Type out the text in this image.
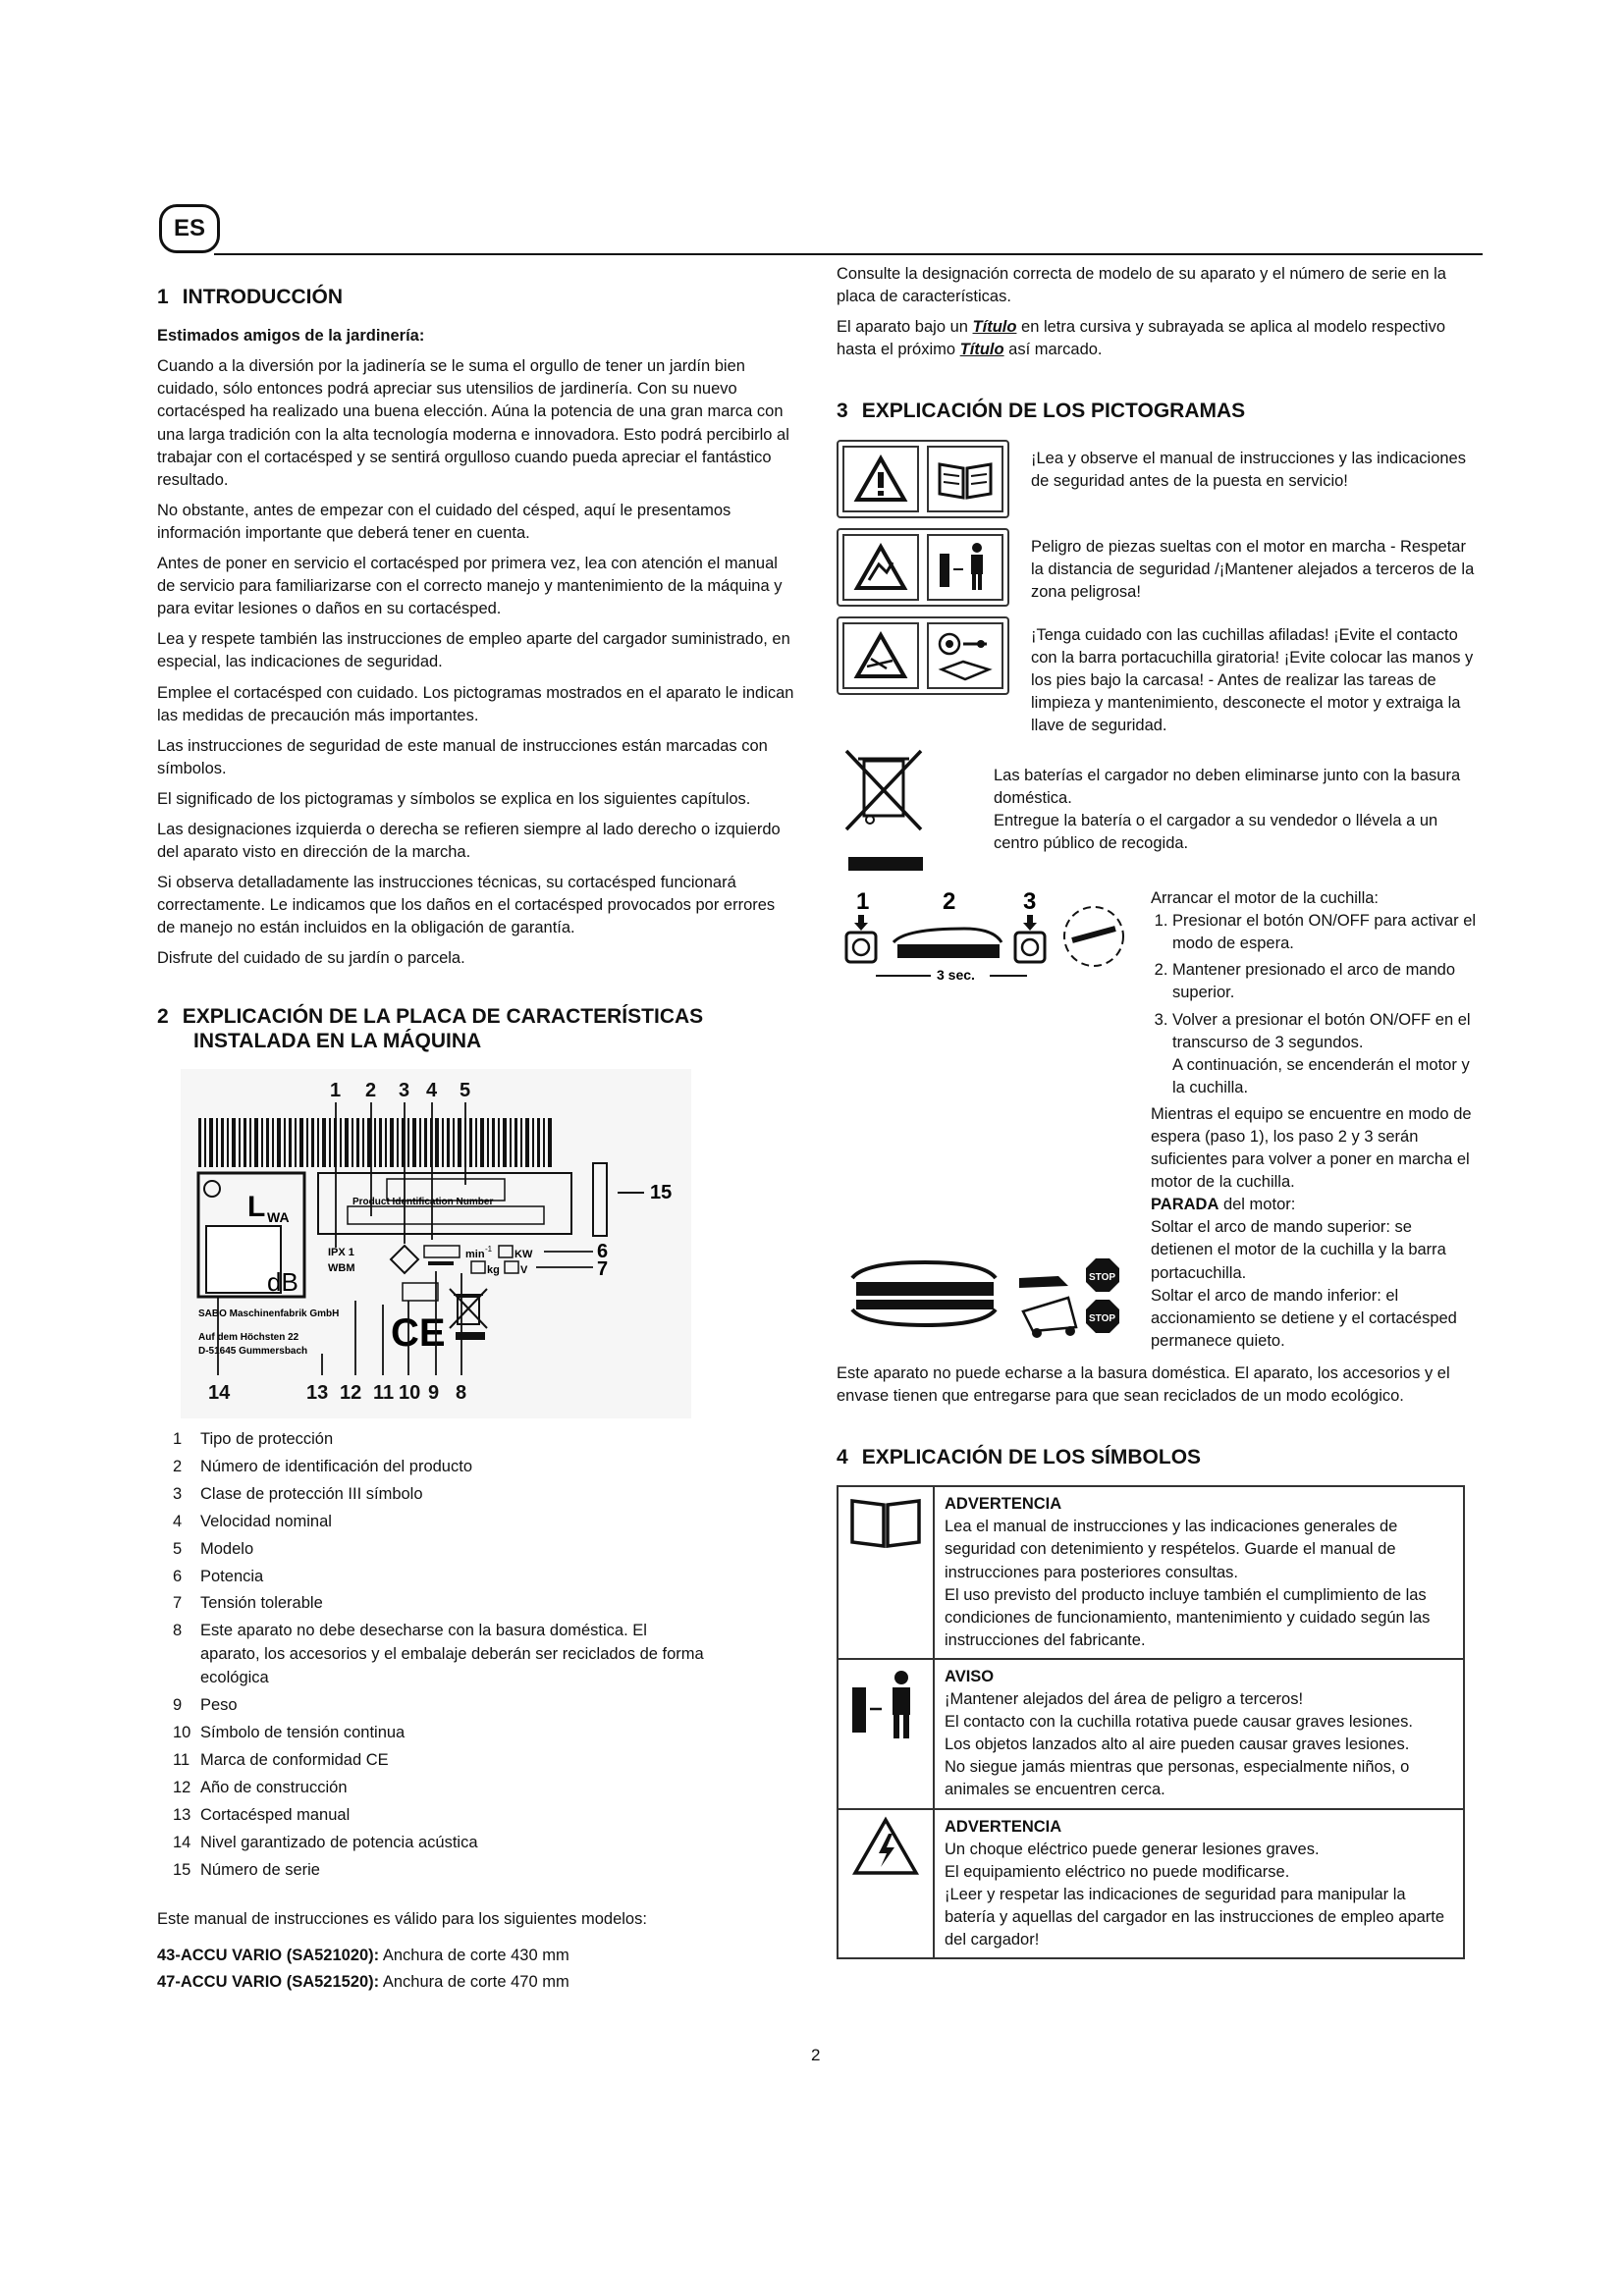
ES
1 INTRODUCCIÓN

Estimados amigos de la jardinería:

Cuando a la diversión por la jadinería se le suma el orgullo de tener un jardín bien cuidado, sólo entonces podrá apreciar sus utensilios de jardinería. Con su nuevo cortacésped ha realizado una buena elección. Aúna la potencia de una gran marca con una larga tradición con la alta tecnología moderna e innovadora. Esto podrá percibirlo al trabajar con el cortacésped y se sentirá orgulloso cuando pueda apreciar el fantástico resultado.

No obstante, antes de empezar con el cuidado del césped, aquí le presentamos información importante que deberá tener en cuenta.

Antes de poner en servicio el cortacésped por primera vez, lea con atención el manual de servicio para familiarizarse con el correcto manejo y mantenimiento de la máquina y para evitar lesiones o daños en su cortacésped.

Lea y respete también las instrucciones de empleo aparte del cargador suministrado, en especial, las indicaciones de seguridad.

Emplee el cortacésped con cuidado. Los pictogramas mostrados en el aparato le indican las medidas de precaución más importantes.

Las instrucciones de seguridad de este manual de instrucciones están marcadas con símbolos.

El significado de los pictogramas y símbolos se explica en los siguientes capítulos.

Las designaciones izquierda o derecha se refieren siempre al lado derecho o izquierdo del aparato visto en dirección de la marcha.

Si observa detalladamente las instrucciones técnicas, su cortacésped funcionará correctamente. Le indicamos que los daños en el cortacésped provocados por errores de manejo no están incluidos en la obligación de garantía.

Disfrute del cuidado de su jardín o parcela.

2 EXPLICACIÓN DE LA PLACA DE CARACTERÍSTICAS
INSTALADA EN LA MÁQUINA
1 2 3 4 5
L WA
dB
Product Identification Number	15
IPX 1
WBM
min -1 KW	6
kg V	7
CE
SABO Maschinenfabrik GmbH
Auf dem Höchsten 22
D-51645 Gummersbach
14	13 12 11 10 9 8
1	Tipo de protección
2	Número de identificación del producto
3	Clase de protección III símbolo
4	Velocidad nominal
5	Modelo
6	Potencia
7	Tensión tolerable
8	Este aparato no debe desecharse con la basura doméstica. El aparato, los accesorios y el embalaje deberán ser reciclados de forma ecológica
9	Peso
10 Símbolo de tensión continua
11 Marca de conformidad CE
12 Año de construcción
13 Cortacésped manual
14 Nivel garantizado de potencia acústica
15 Número de serie

Este manual de instrucciones es válido para los siguientes modelos:

43-ACCU VARIO (SA521020): Anchura de corte 430 mm

47-ACCU VARIO (SA521520): Anchura de corte 470 mm

Consulte la designación correcta de modelo de su aparato y el número de serie en la placa de características.

El aparato bajo un Título en letra cursiva y subrayada se aplica al modelo respectivo hasta el próximo Título así marcado.

3 EXPLICACIÓN DE LOS PICTOGRAMAS
¡Lea y observe el manual de instrucciones y las indicaciones de seguridad antes de la puesta en servicio!
Peligro de piezas sueltas con el motor en marcha - Respetar la distancia de seguridad /¡Mantener alejados a terceros de la zona peligrosa!
¡Tenga cuidado con las cuchillas afiladas! ¡Evite el contacto con la barra portacuchilla giratoria! ¡Evite colocar las manos y los pies bajo la carcasa! - Antes de realizar las tareas de limpieza y mantenimiento, desconecte el motor y extraiga la llave de seguridad.
Las baterías el cargador no deben eliminarse junto con la basura doméstica.
Entregue la batería o el cargador a su vendedor o llévela a un centro público de recogida.
1	2	3
3 sec.
Arrancar el motor de la cuchilla:
1. Presionar el botón ON/OFF para activar el modo de espera.
2. Mantener presionado el arco de mando superior.
3. Volver a presionar el botón ON/OFF en el transcurso de 3 segundos.
A continuación, se encenderán el motor y la cuchilla.
Mientras el equipo se encuentre en modo de espera (paso 1), los paso 2 y 3 serán suficientes para volver a poner en marcha el motor de la cuchilla.
STOP
STOP
PARADA del motor:
Soltar el arco de mando superior: se detienen el motor de la cuchilla y la barra portacuchilla.
Soltar el arco de mando inferior: el accionamiento se detiene y el cortacésped permanece quieto.

Este aparato no puede echarse a la basura doméstica. El aparato, los accesorios y el envase tienen que entregarse para que sean reciclados de un modo ecológico.

4 EXPLICACIÓN DE LOS SÍMBOLOS
ADVERTENCIA
Lea el manual de instrucciones y las indicaciones generales de seguridad con detenimiento y respételos. Guarde el manual de instrucciones para posteriores consultas.
El uso previsto del producto incluye también el cumplimiento de las condiciones de funcionamiento, mantenimiento y cuidado según las instrucciones del fabricante.
AVISO
¡Mantener alejados del área de peligro a terceros!
El contacto con la cuchilla rotativa puede causar graves lesiones.
Los objetos lanzados alto al aire pueden causar graves lesiones.
No siegue jamás mientras que personas, especialmente niños, o animales se encuentren cerca.
ADVERTENCIA
Un choque eléctrico puede generar lesiones graves.
El equipamiento eléctrico no puede modificarse.
¡Leer y respetar las indicaciones de seguridad para manipular la batería y aquellas del cargador en las instrucciones de empleo aparte del cargador!
2
